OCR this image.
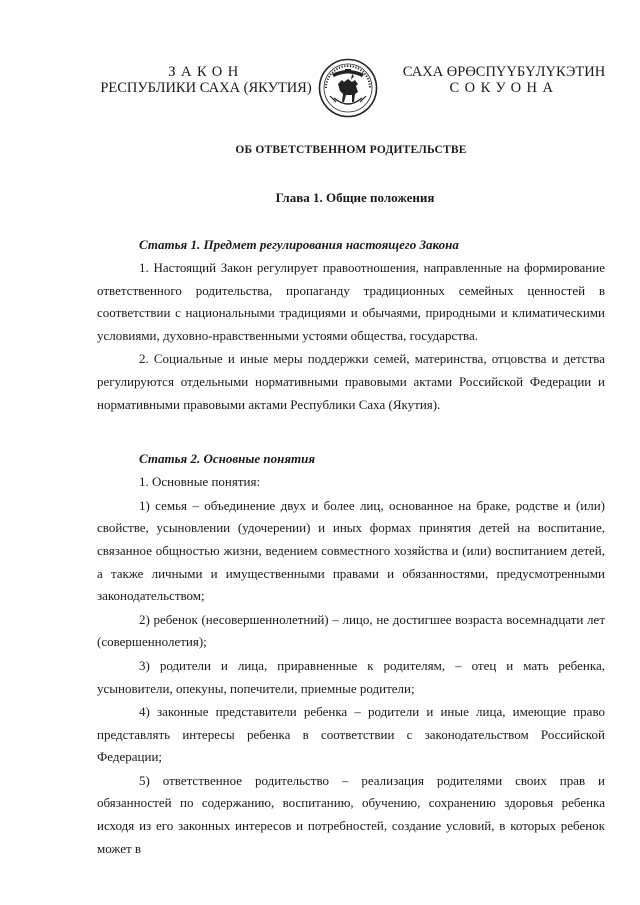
ЗАКОН
РЕСПУБЛИКИ САХА (ЯКУТИЯ)
САХА ӨРӨСПҮҮБҮЛҮКЭТИН
СОКУОНА
ОБ ОТВЕТСТВЕННОМ РОДИТЕЛЬСТВЕ
Глава 1. Общие положения
Статья 1. Предмет регулирования настоящего Закона

1. Настоящий Закон регулирует правоотношения, направленные на формирование ответственного родительства, пропаганду традиционных семейных ценностей в соответствии с национальными традициями и обычаями, природными и климатическими условиями, духовно-нравственными устоями общества, государства.

2. Социальные и иные меры поддержки семей, материнства, отцовства и детства регулируются отдельными нормативными правовыми актами Российской Федерации и нормативными правовыми актами Республики Саха (Якутия).

Статья 2. Основные понятия

1. Основные понятия:

1) семья – объединение двух и более лиц, основанное на браке, родстве и (или) свойстве, усыновлении (удочерении) и иных формах принятия детей на воспитание, связанное общностью жизни, ведением совместного хозяйства и (или) воспитанием детей, а также личными и имущественными правами и обязанностями, предусмотренными законодательством;

2) ребенок (несовершеннолетний) – лицо, не достигшее возраста восемнадцати лет (совершеннолетия);

3) родители и лица, приравненные к родителям, – отец и мать ребенка, усыновители, опекуны, попечители, приемные родители;

4) законные представители ребенка – родители и иные лица, имеющие право представлять интересы ребенка в соответствии с законодательством Российской Федерации;

5) ответственное родительство – реализация родителями своих прав и обязанностей по содержанию, воспитанию, обучению, сохранению здоровья ребенка исходя из его законных интересов и потребностей, создание условий, в которых ребенок может в
